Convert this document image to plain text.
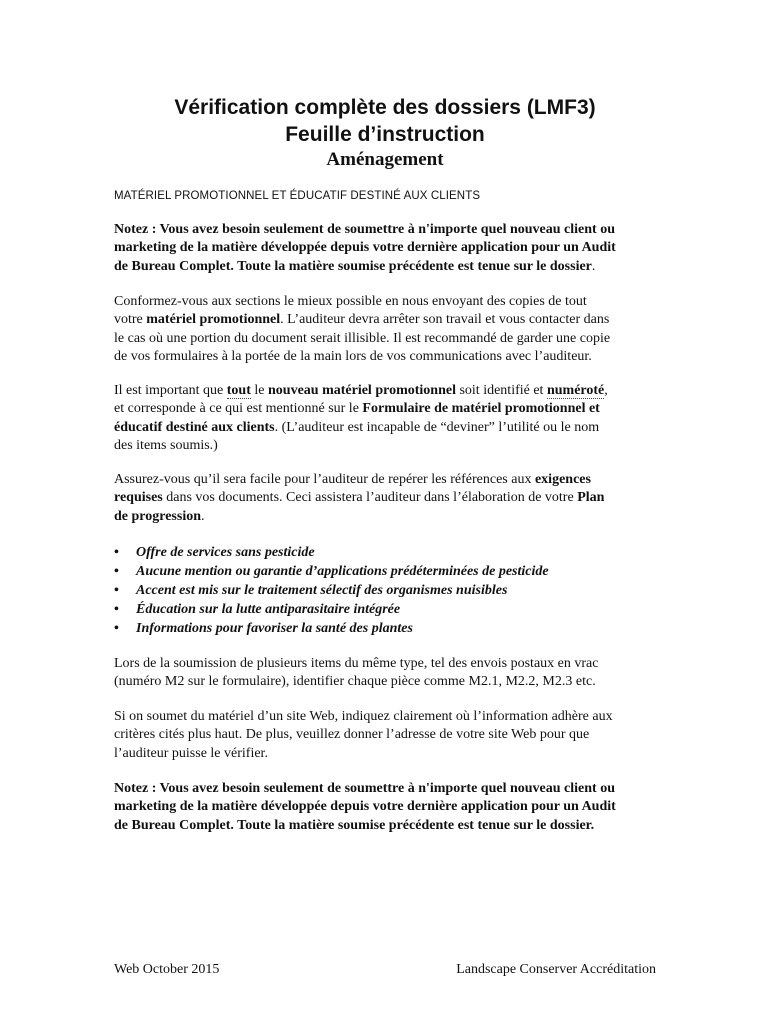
Vérification complète des dossiers (LMF3)
Feuille d’instruction
Aménagement

MATÉRIEL PROMOTIONNEL ET ÉDUCATIF DESTINÉ AUX CLIENTS

Notez : Vous avez besoin seulement de soumettre à n'importe quel nouveau client ou
marketing de la matière développée depuis votre dernière application pour un Audit
de Bureau Complet. Toute la matière soumise précédente est tenue sur le dossier.

Conformez-vous aux sections le mieux possible en nous envoyant des copies de tout
votre matériel promotionnel. L’auditeur devra arrêter son travail et vous contacter dans
le cas où une portion du document serait illisible. Il est recommandé de garder une copie
de vos formulaires à la portée de la main lors de vos communications avec l’auditeur.

Il est important que tout le nouveau matériel promotionnel soit identifié et numéroté,
et corresponde à ce qui est mentionné sur le Formulaire de matériel promotionnel et
éducatif destiné aux clients. (L’auditeur est incapable de “deviner” l’utilité ou le nom
des items soumis.)

Assurez-vous qu’il sera facile pour l’auditeur de repérer les références aux exigences
requises dans vos documents. Ceci assistera l’auditeur dans l’élaboration de votre Plan
de progression.

• Offre de services sans pesticide
• Aucune mention ou garantie d’applications prédéterminées de pesticide
• Accent est mis sur le traitement sélectif des organismes nuisibles
• Éducation sur la lutte antiparasitaire intégrée
• Informations pour favoriser la santé des plantes

Lors de la soumission de plusieurs items du même type, tel des envois postaux en vrac
(numéro M2 sur le formulaire), identifier chaque pièce comme M2.1, M2.2, M2.3 etc.

Si on soumet du matériel d’un site Web, indiquez clairement où l’information adhère aux
critères cités plus haut. De plus, veuillez donner l’adresse de votre site Web pour que
l’auditeur puisse le vérifier.

Notez : Vous avez besoin seulement de soumettre à n'importe quel nouveau client ou
marketing de la matière développée depuis votre dernière application pour un Audit
de Bureau Complet. Toute la matière soumise précédente est tenue sur le dossier.

Web October 2015	Landscape Conserver Accréditation
